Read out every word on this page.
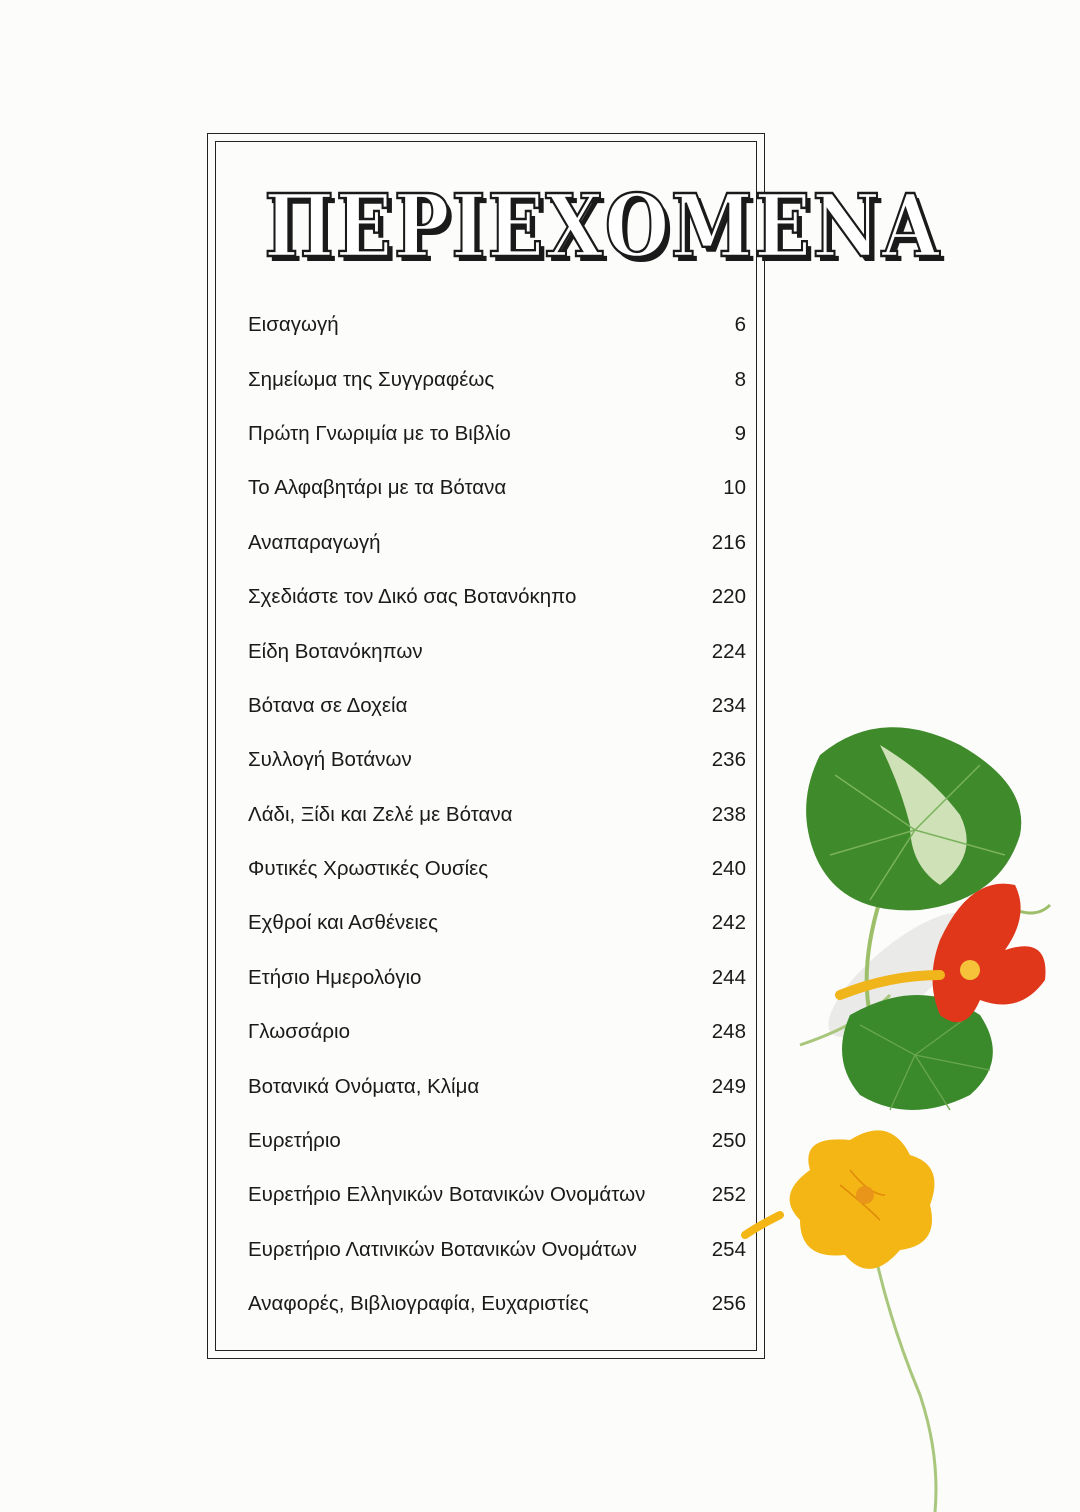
ΠΕΡΙΕΧΟΜΕΝΑ
Εισαγωγή	6
Σημείωμα της Συγγραφέως	8
Πρώτη Γνωριμία με το Βιβλίο	9
Το Αλφαβητάρι με τα Βότανα	10
Αναπαραγωγή	216
Σχεδιάστε τον Δικό σας Βοτανόκηπο	220
Είδη Βοτανόκηπων	224
Βότανα σε Δοχεία	234
Συλλογή Βοτάνων	236
Λάδι, Ξίδι και Ζελέ με Βότανα	238
Φυτικές Χρωστικές Ουσίες	240
Εχθροί και Ασθένειες	242
Ετήσιο Ημερολόγιο	244
Γλωσσάριο	248
Βοτανικά Ονόματα, Κλίμα	249
Ευρετήριο	250
Ευρετήριο Ελληνικών Βοτανικών Ονομάτων	252
Ευρετήριο Λατινικών Βοτανικών Ονομάτων	254
Αναφορές, Βιβλιογραφία, Ευχαριστίες	256
